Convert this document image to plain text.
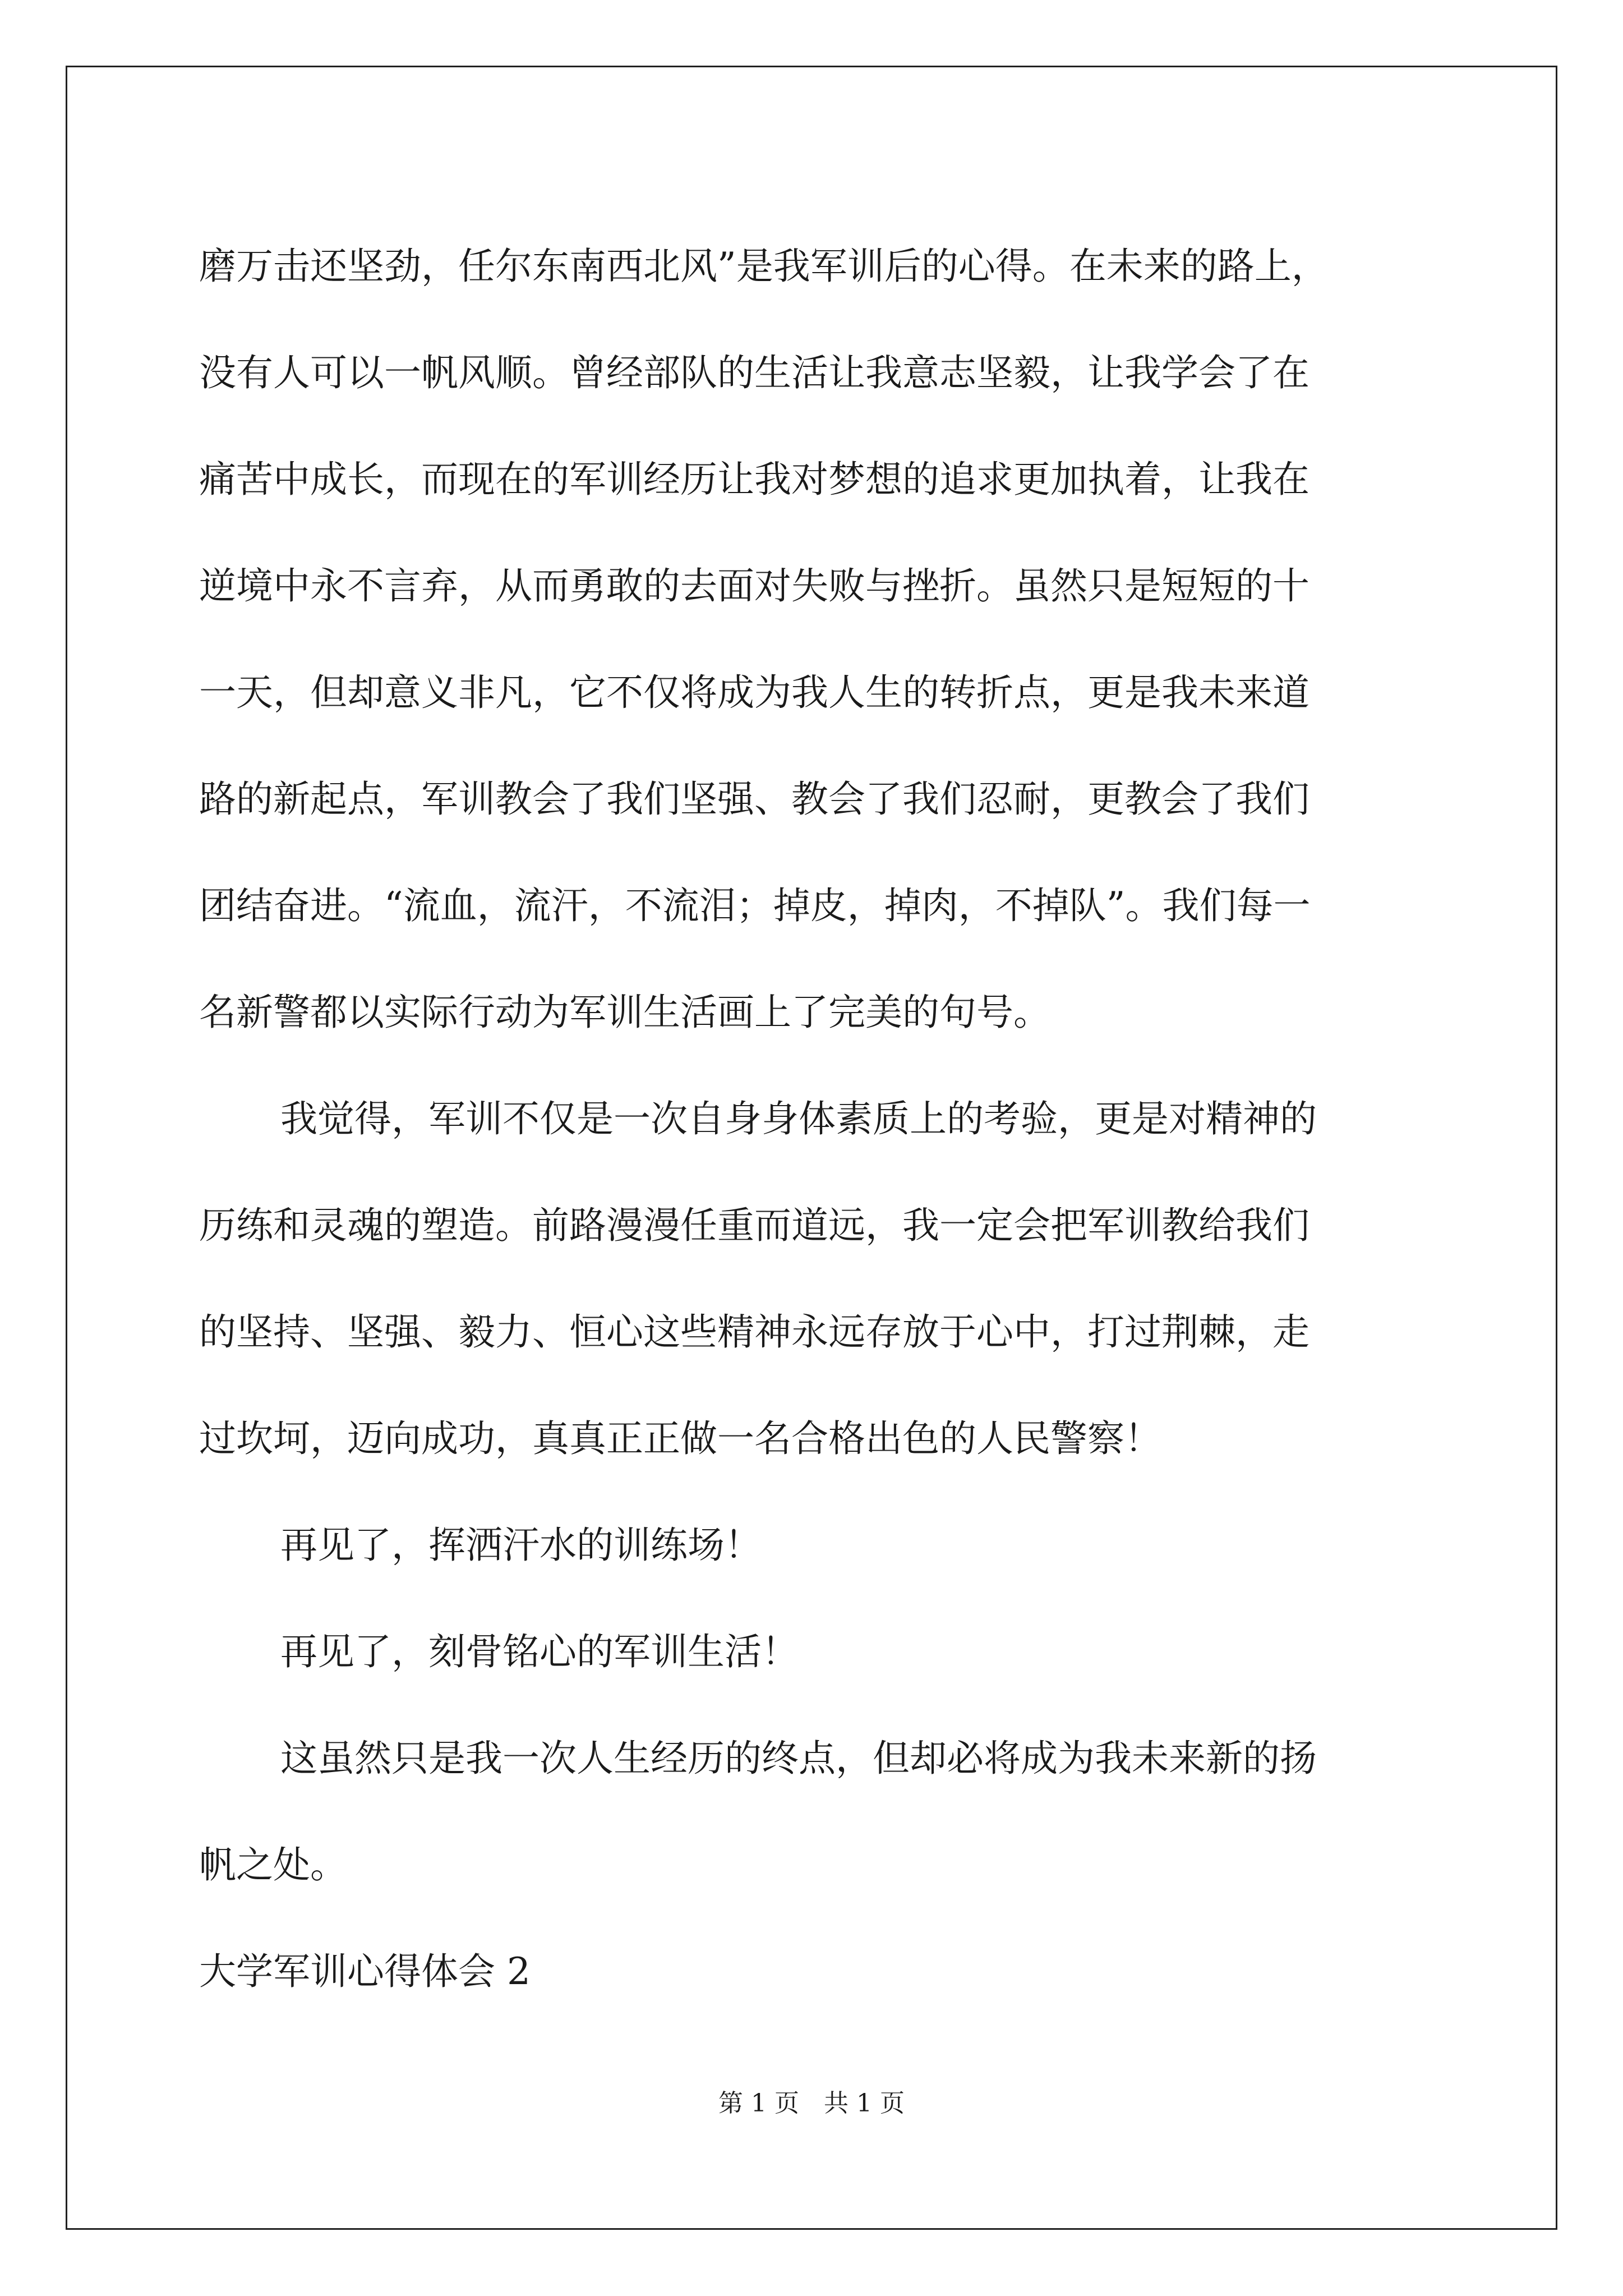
磨万击还坚劲，任尔东南西北风”是我军训后的心得。在未来的路上，
没有人可以一帆风顺。曾经部队的生活让我意志坚毅，让我学会了在
痛苦中成长，而现在的军训经历让我对梦想的追求更加执着，让我在
逆境中永不言弃，从而勇敢的去面对失败与挫折。虽然只是短短的十
一天，但却意义非凡，它不仅将成为我人生的转折点，更是我未来道
路的新起点，军训教会了我们坚强、教会了我们忍耐，更教会了我们
团结奋进。“流血，流汗，不流泪；掉皮，掉肉，不掉队”。我们每一
名新警都以实际行动为军训生活画上了完美的句号。
我觉得，军训不仅是一次自身身体素质上的考验，更是对精神的
历练和灵魂的塑造。前路漫漫任重而道远，我一定会把军训教给我们
的坚持、坚强、毅力、恒心这些精神永远存放于心中，打过荆棘，走
过坎坷，迈向成功，真真正正做一名合格出色的人民警察！
再见了，挥洒汗水的训练场！
再见了，刻骨铭心的军训生活！
这虽然只是我一次人生经历的终点，但却必将成为我未来新的扬
帆之处。
大学军训心得体会 2
第 1 页　共 1 页
